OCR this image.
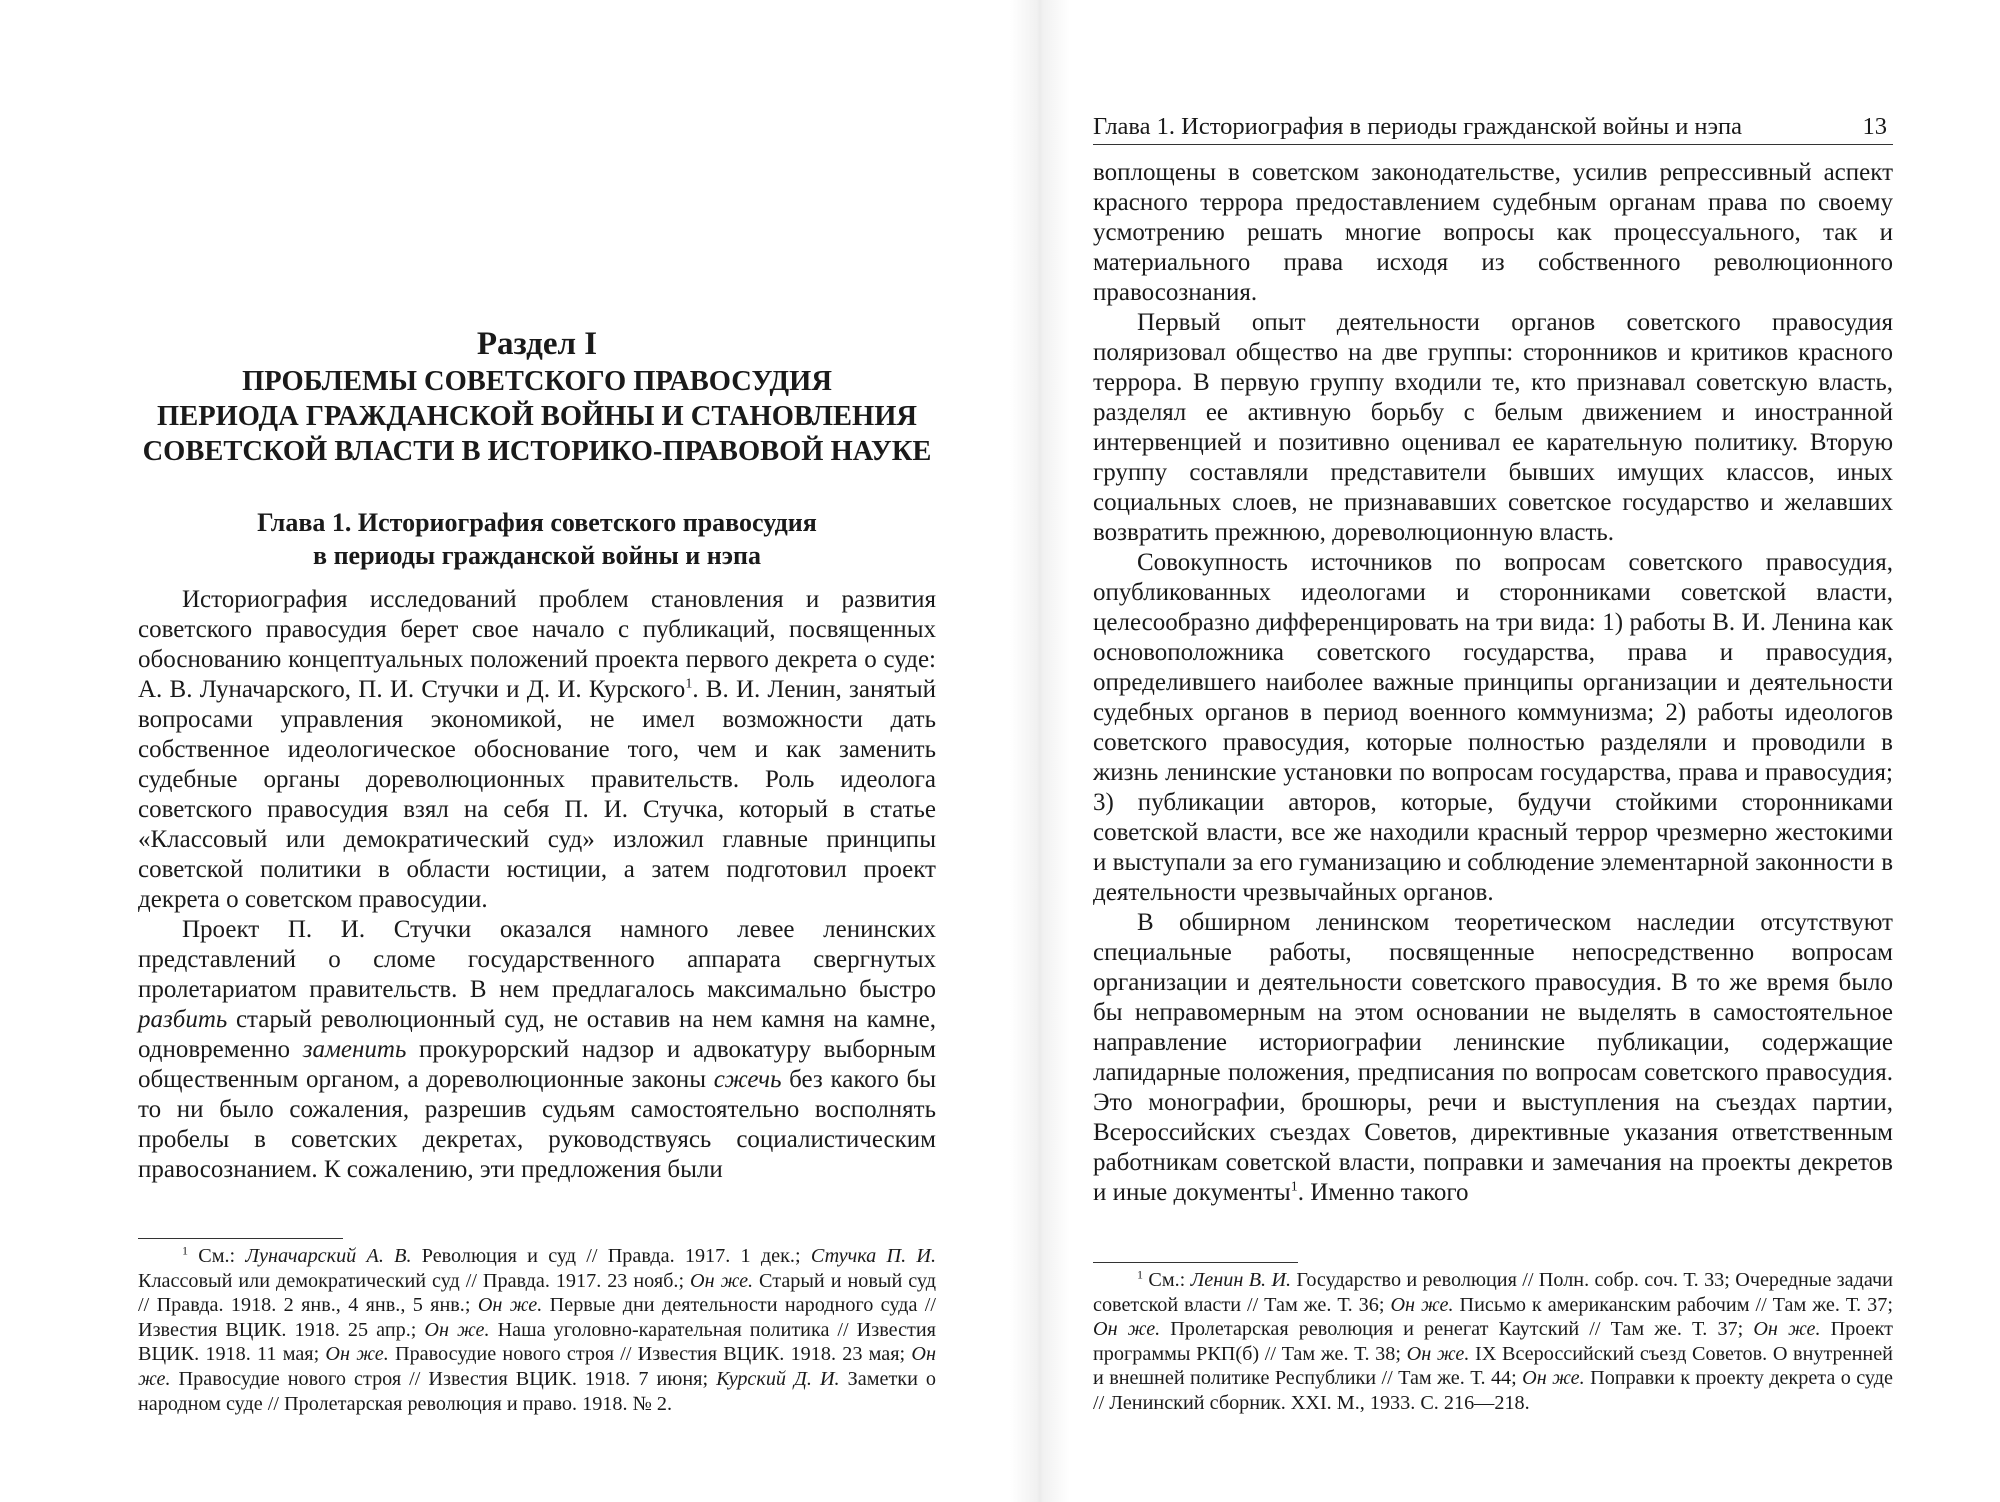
Раздел I
ПРОБЛЕМЫ СОВЕТСКОГО ПРАВОСУДИЯ
ПЕРИОДА ГРАЖДАНСКОЙ ВОЙНЫ И СТАНОВЛЕНИЯ
СОВЕТСКОЙ ВЛАСТИ В ИСТОРИКО-ПРАВОВОЙ НАУКЕ
Глава 1. Историография советского правосудия
в периоды гражданской войны и нэпа

Историография исследований проблем становления и развития советского правосудия берет свое начало с публикаций, посвященных обоснованию концептуальных положений проекта первого декрета о суде: А. В. Луначарского, П. И. Стучки и Д. И. Курского$^1$. В. И. Ленин, занятый вопросами управления экономикой, не имел возможности дать собственное идеологическое обоснование того, чем и как заменить судебные органы дореволюционных правительств. Роль идеолога советского правосудия взял на себя П. И. Стучка, который в статье «Классовый или демократический суд» изложил главные принципы советской политики в области юстиции, а затем подготовил проект декрета о советском правосудии.

Проект П. И. Стучки оказался намного левее ленинских представлений о сломе государственного аппарата свергнутых пролетариатом правительств. В нем предлагалось максимально быстро разбить старый революционный суд, не оставив на нем камня на камне, одновременно заменить прокурорский надзор и адвокатуру выборным общественным органом, а дореволюционные законы сжечь без какого бы то ни было сожаления, разрешив судьям самостоятельно восполнять пробелы в советских декретах, руководствуясь социалистическим правосознанием. К сожалению, эти предложения были

$^1$ См.: Луначарский А. В. Революция и суд // Правда. 1917. 1 дек.; Стучка П. И. Классовый или демократический суд // Правда. 1917. 23 нояб.; Он же. Старый и новый суд // Правда. 1918. 2 янв., 4 янв., 5 янв.; Он же. Первые дни деятельности народного суда // Известия ВЦИК. 1918. 25 апр.; Он же. Наша уголовно-карательная политика // Известия ВЦИК. 1918. 11 мая; Он же. Правосудие нового строя // Известия ВЦИК. 1918. 23 мая; Он же. Правосудие нового строя // Известия ВЦИК. 1918. 7 июня; Курский Д. И. Заметки о народном суде // Пролетарская революция и право. 1918. № 2.

Глава 1. Историография в периоды гражданской войны и нэпа	13

воплощены в советском законодательстве, усилив репрессивный аспект красного террора предоставлением судебным органам права по своему усмотрению решать многие вопросы как процессуального, так и материального права исходя из собственного революционного правосознания.

Первый опыт деятельности органов советского правосудия поляризовал общество на две группы: сторонников и критиков красного террора. В первую группу входили те, кто признавал советскую власть, разделял ее активную борьбу с белым движением и иностранной интервенцией и позитивно оценивал ее карательную политику. Вторую группу составляли представители бывших имущих классов, иных социальных слоев, не признававших советское государство и желавших возвратить прежнюю, дореволюционную власть.

Совокупность источников по вопросам советского правосудия, опубликованных идеологами и сторонниками советской власти, целесообразно дифференцировать на три вида: 1) работы В. И. Ленина как основоположника советского государства, права и правосудия, определившего наиболее важные принципы организации и деятельности судебных органов в период военного коммунизма; 2) работы идеологов советского правосудия, которые полностью разделяли и проводили в жизнь ленинские установки по вопросам государства, права и правосудия; 3) публикации авторов, которые, будучи стойкими сторонниками советской власти, все же находили красный террор чрезмерно жестокими и выступали за его гуманизацию и соблюдение элементарной законности в деятельности чрезвычайных органов.

В обширном ленинском теоретическом наследии отсутствуют специальные работы, посвященные непосредственно вопросам организации и деятельности советского правосудия. В то же время было бы неправомерным на этом основании не выделять в самостоятельное направление историографии ленинские публикации, содержащие лапидарные положения, предписания по вопросам советского правосудия. Это монографии, брошюры, речи и выступления на съездах партии, Всероссийских съездах Советов, директивные указания ответственным работникам советской власти, поправки и замечания на проекты декретов и иные документы$^1$. Именно такого

$^1$ См.: Ленин В. И. Государство и революция // Полн. собр. соч. Т. 33; Очередные задачи советской власти // Там же. Т. 36; Он же. Письмо к американским рабочим // Там же. Т. 37; Он же. Пролетарская революция и ренегат Каутский // Там же. Т. 37; Он же. Проект программы РКП(б) // Там же. Т. 38; Он же. IX Всероссийский съезд Советов. О внутренней и внешней политике Республики // Там же. Т. 44; Он же. Поправки к проекту декрета о суде // Ленинский сборник. XXI. М., 1933. С. 216—218.
